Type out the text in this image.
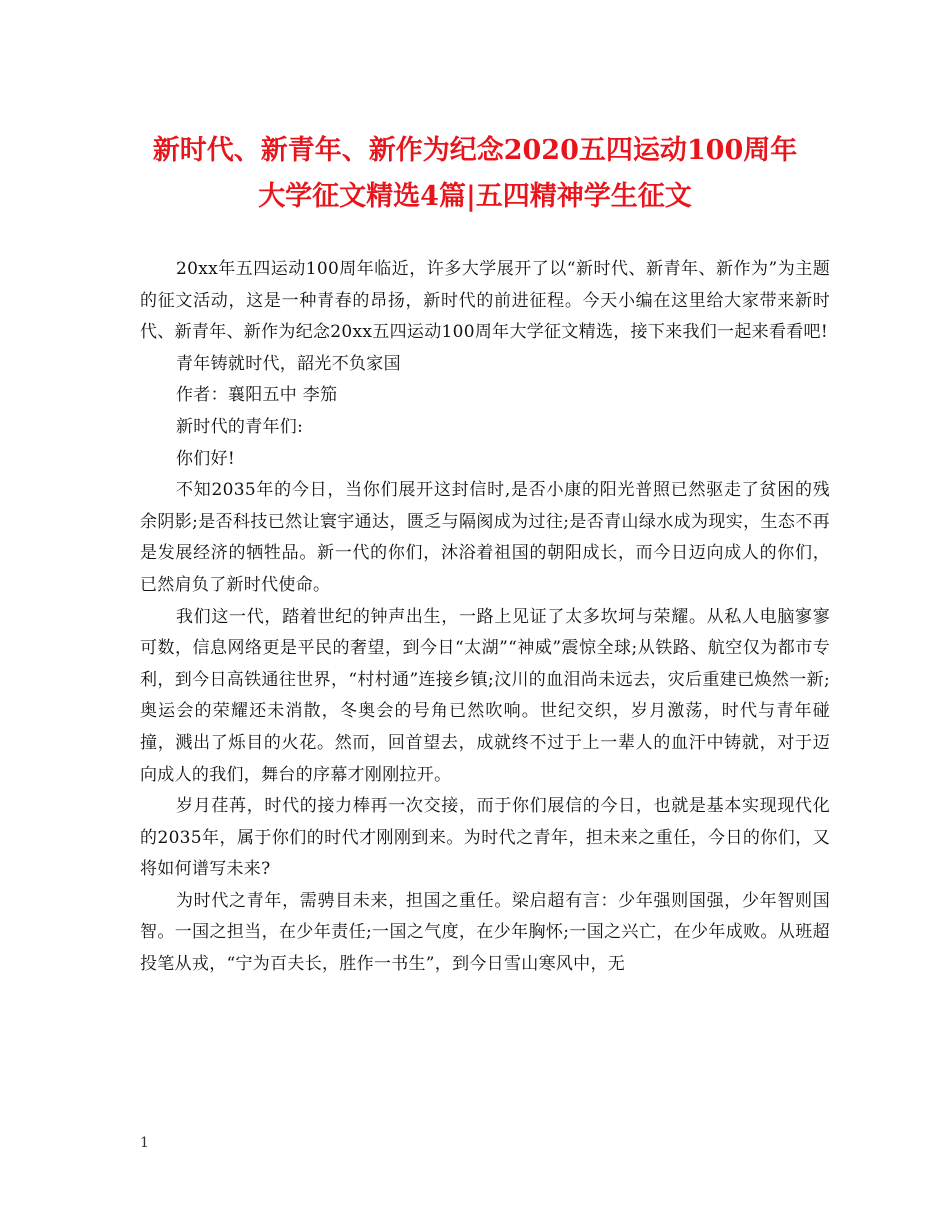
新时代、新青年、新作为纪念2020五四运动100周年
大学征文精选4篇|五四精神学生征文

20xx年五四运动100周年临近，许多大学展开了以“新时代、新青年、新作为”为主题的征文活动，这是一种青春的昂扬，新时代的前进征程。今天小编在这里给大家带来新时代、新青年、新作为纪念20xx五四运动100周年大学征文精选，接下来我们一起来看看吧!

青年铸就时代，韶光不负家国

作者：襄阳五中 李笳

新时代的青年们:

你们好!

不知2035年的今日，当你们展开这封信时,是否小康的阳光普照已然驱走了贫困的残余阴影;是否科技已然让寰宇通达，匮乏与隔阂成为过往;是否青山绿水成为现实，生态不再是发展经济的牺牲品。新一代的你们，沐浴着祖国的朝阳成长，而今日迈向成人的你们，已然肩负了新时代使命。

我们这一代，踏着世纪的钟声出生，一路上见证了太多坎坷与荣耀。从私人电脑寥寥可数，信息网络更是平民的奢望，到今日“太湖”“神威”震惊全球;从铁路、航空仅为都市专利，到今日高铁通往世界，“村村通”连接乡镇;汶川的血泪尚未远去，灾后重建已焕然一新;奥运会的荣耀还未消散，冬奥会的号角已然吹响。世纪交织，岁月激荡，时代与青年碰撞，溅出了烁目的火花。然而，回首望去，成就终不过于上一辈人的血汗中铸就，对于迈向成人的我们，舞台的序幕才刚刚拉开。

岁月荏苒，时代的接力棒再一次交接，而于你们展信的今日，也就是基本实现现代化的2035年，属于你们的时代才刚刚到来。为时代之青年，担未来之重任，今日的你们，又将如何谱写未来?

为时代之青年，需骋目未来，担国之重任。梁启超有言：少年强则国强，少年智则国智。一国之担当，在少年责任;一国之气度，在少年胸怀;一国之兴亡，在少年成败。从班超投笔从戎，“宁为百夫长，胜作一书生”，到今日雪山寒风中，无

1
